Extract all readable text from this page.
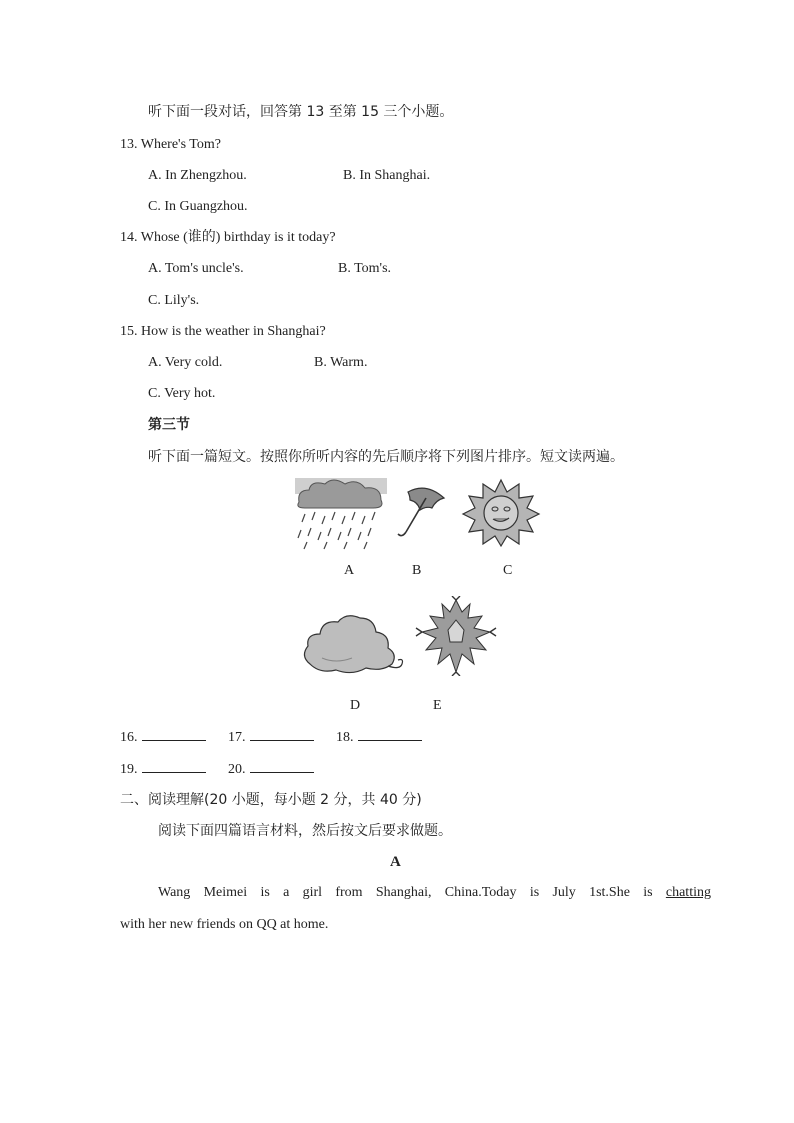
听下面一段对话，回答第 13 至第 15 三个小题。
13. Where's Tom?
A. In Zhengzhou.	B. In Shanghai.
C. In Guangzhou.
14. Whose (谁的) birthday is it today?
A. Tom's uncle's.	B. Tom's.
C. Lily's.
15. How is the weather in Shanghai?
A. Very cold.	B. Warm.
C. Very hot.
第三节
听下面一篇短文。按照你所听内容的先后顺序将下列图片排序。短文读两遍。
A	B	C
D	E
16.	17.	18.
19.	20.
二、阅读理解(20 小题，每小题 2 分，共 40 分)
阅读下面四篇语言材料，然后按文后要求做题。
A
Wang Meimei is a girl from Shanghai, China.Today is July 1st.She is chatting
with her new friends on QQ at home.
